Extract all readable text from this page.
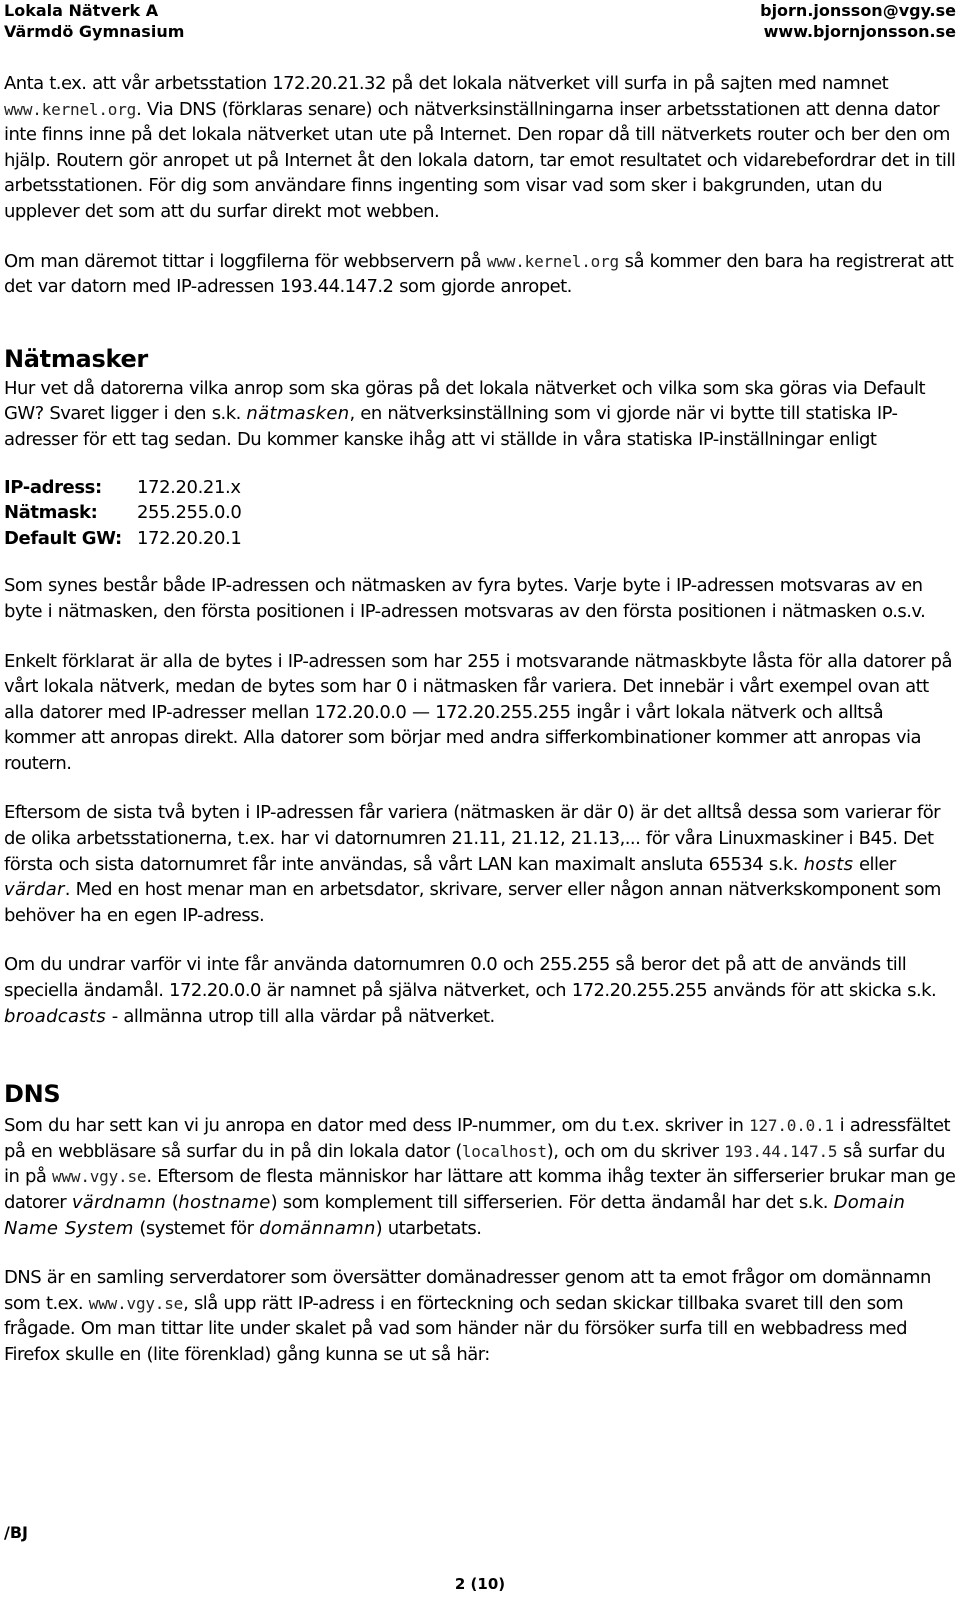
Lokala Nätverk A
Värmdö Gymnasium
bjorn.jonsson@vgy.se
www.bjornjonsson.se

Anta t.ex. att vår arbetsstation 172.20.21.32 på det lokala nätverket vill surfa in på sajten med namnet www.kernel.org. Via DNS (förklaras senare) och nätverksinställningarna inser arbetsstationen att denna dator inte finns inne på det lokala nätverket utan ute på Internet. Den ropar då till nätverkets router och ber den om hjälp. Routern gör anropet ut på Internet åt den lokala datorn, tar emot resultatet och vidarebefordrar det in till arbetsstationen. För dig som användare finns ingenting som visar vad som sker i bakgrunden, utan du upplever det som att du surfar direkt mot webben.

Om man däremot tittar i loggfilerna för webbservern på www.kernel.org så kommer den bara ha registrerat att det var datorn med IP-adressen 193.44.147.2 som gjorde anropet.

Nätmasker

Hur vet då datorerna vilka anrop som ska göras på det lokala nätverket och vilka som ska göras via Default GW? Svaret ligger i den s.k. nätmasken, en nätverksinställning som vi gjorde när vi bytte till statiska IP-adresser för ett tag sedan. Du kommer kanske ihåg att vi ställde in våra statiska IP-inställningar enligt

IP-adress:	172.20.21.x
Nätmask:	255.255.0.0
Default GW:	172.20.20.1

Som synes består både IP-adressen och nätmasken av fyra bytes. Varje byte i IP-adressen motsvaras av en byte i nätmasken, den första positionen i IP-adressen motsvaras av den första positionen i nätmasken o.s.v.

Enkelt förklarat är alla de bytes i IP-adressen som har 255 i motsvarande nätmaskbyte låsta för alla datorer på vårt lokala nätverk, medan de bytes som har 0 i nätmasken får variera. Det innebär i vårt exempel ovan att alla datorer med IP-adresser mellan 172.20.0.0 — 172.20.255.255 ingår i vårt lokala nätverk och alltså kommer att anropas direkt. Alla datorer som börjar med andra sifferkombinationer kommer att anropas via routern.

Eftersom de sista två byten i IP-adressen får variera (nätmasken är där 0) är det alltså dessa som varierar för de olika arbetsstationerna, t.ex. har vi datornumren 21.11, 21.12, 21.13,... för våra Linuxmaskiner i B45. Det första och sista datornumret får inte användas, så vårt LAN kan maximalt ansluta 65534 s.k. hosts eller värdar. Med en host menar man en arbetsdator, skrivare, server eller någon annan nätverkskomponent som behöver ha en egen IP-adress.

Om du undrar varför vi inte får använda datornumren 0.0 och 255.255 så beror det på att de används till speciella ändamål. 172.20.0.0 är namnet på själva nätverket, och 172.20.255.255 används för att skicka s.k. broadcasts - allmänna utrop till alla värdar på nätverket.

DNS

Som du har sett kan vi ju anropa en dator med dess IP-nummer, om du t.ex. skriver in 127.0.0.1 i adressfältet på en webbläsare så surfar du in på din lokala dator (localhost), och om du skriver 193.44.147.5 så surfar du in på www.vgy.se. Eftersom de flesta människor har lättare att komma ihåg texter än sifferserier brukar man ge datorer värdnamn (hostname) som komplement till sifferserien. För detta ändamål har det s.k. Domain Name System (systemet för domännamn) utarbetats.

DNS är en samling serverdatorer som översätter domänadresser genom att ta emot frågor om domännamn som t.ex. www.vgy.se, slå upp rätt IP-adress i en förteckning och sedan skickar tillbaka svaret till den som frågade. Om man tittar lite under skalet på vad som händer när du försöker surfa till en webbadress med Firefox skulle en (lite förenklad) gång kunna se ut så här:

/BJ
2 (10)
